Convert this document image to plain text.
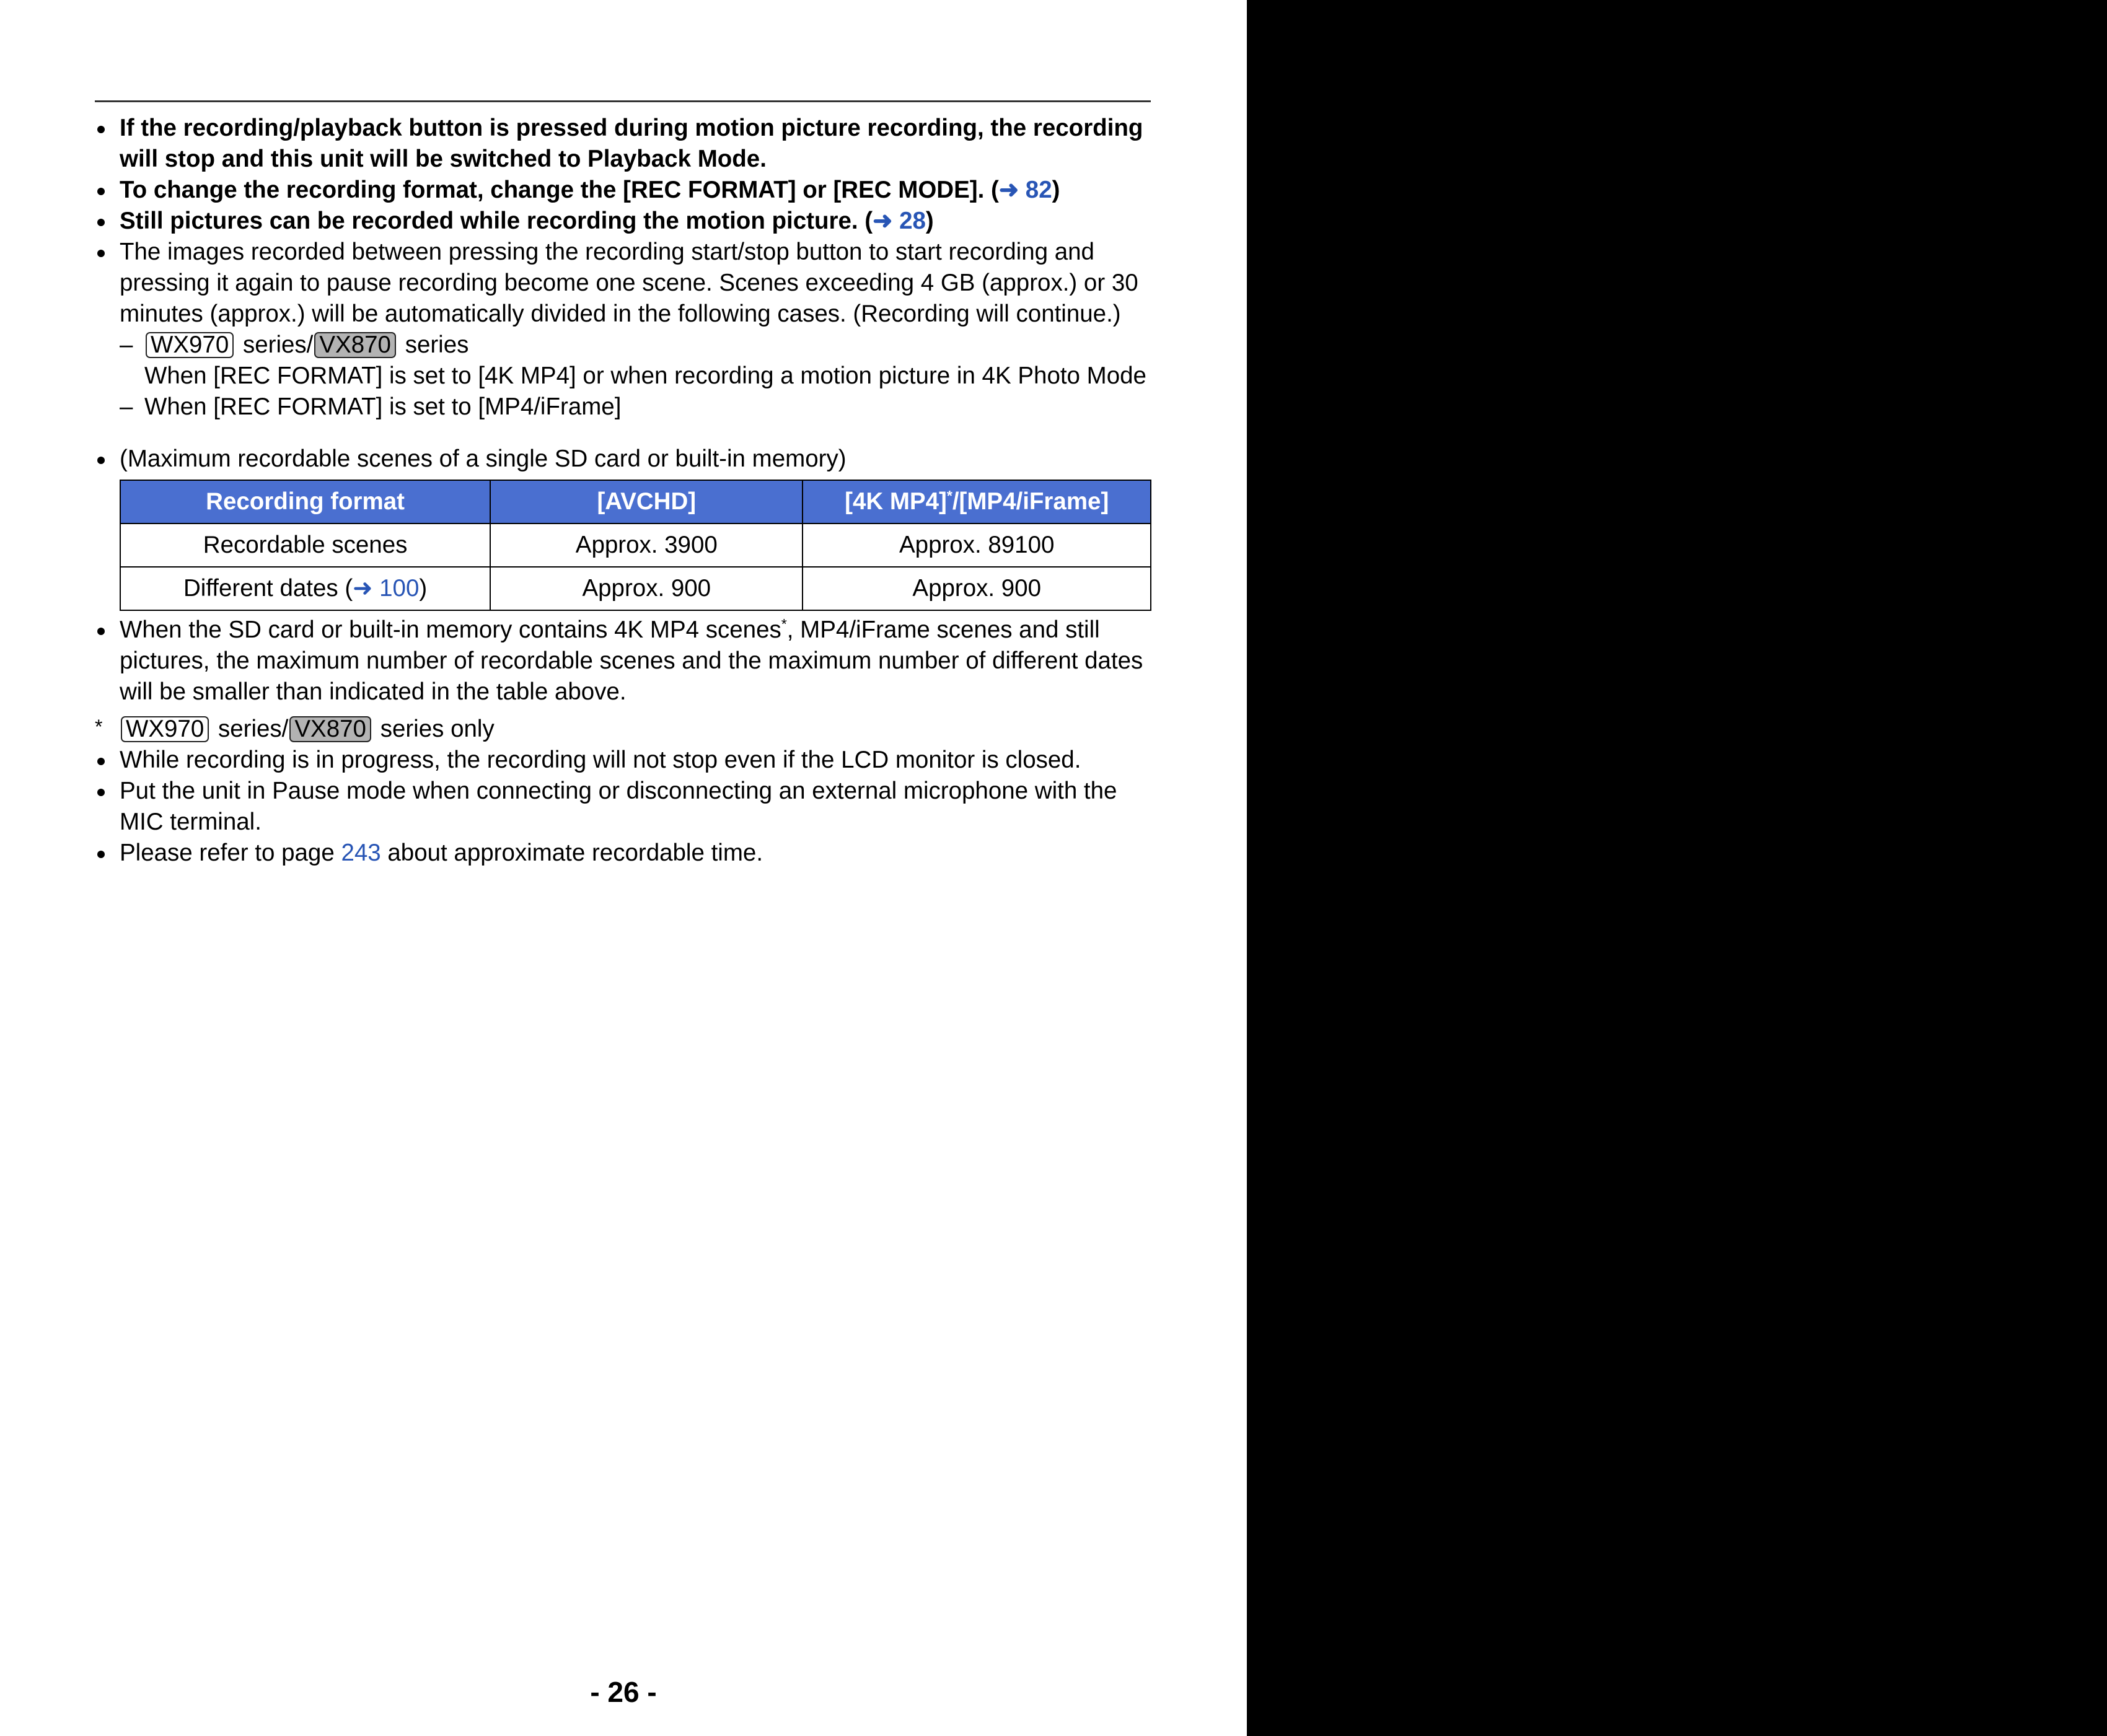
If the recording/playback button is pressed during motion picture recording, the recording will stop and this unit will be switched to Playback Mode.
To change the recording format, change the [REC FORMAT] or [REC MODE]. (➜ 82)
Still pictures can be recorded while recording the motion picture. (➜ 28)
The images recorded between pressing the recording start/stop button to start recording and pressing it again to pause recording become one scene. Scenes exceeding 4 GB (approx.) or 30 minutes (approx.) will be automatically divided in the following cases. (Recording will continue.)
– WX970 series/ VX870 series
When [REC FORMAT] is set to [4K MP4] or when recording a motion picture in 4K Photo Mode
– When [REC FORMAT] is set to [MP4/iFrame]
(Maximum recordable scenes of a single SD card or built-in memory)
Recording format	[AVCHD]	[4K MP4]*/[MP4/iFrame]
Recordable scenes	Approx. 3900	Approx. 89100
Different dates (➜ 100)	Approx. 900	Approx. 900
When the SD card or built-in memory contains 4K MP4 scenes*, MP4/iFrame scenes and still pictures, the maximum number of recordable scenes and the maximum number of different dates will be smaller than indicated in the table above.
* WX970 series/ VX870 series only
While recording is in progress, the recording will not stop even if the LCD monitor is closed.
Put the unit in Pause mode when connecting or disconnecting an external microphone with the MIC terminal.
Please refer to page 243 about approximate recordable time.
- 26 -
